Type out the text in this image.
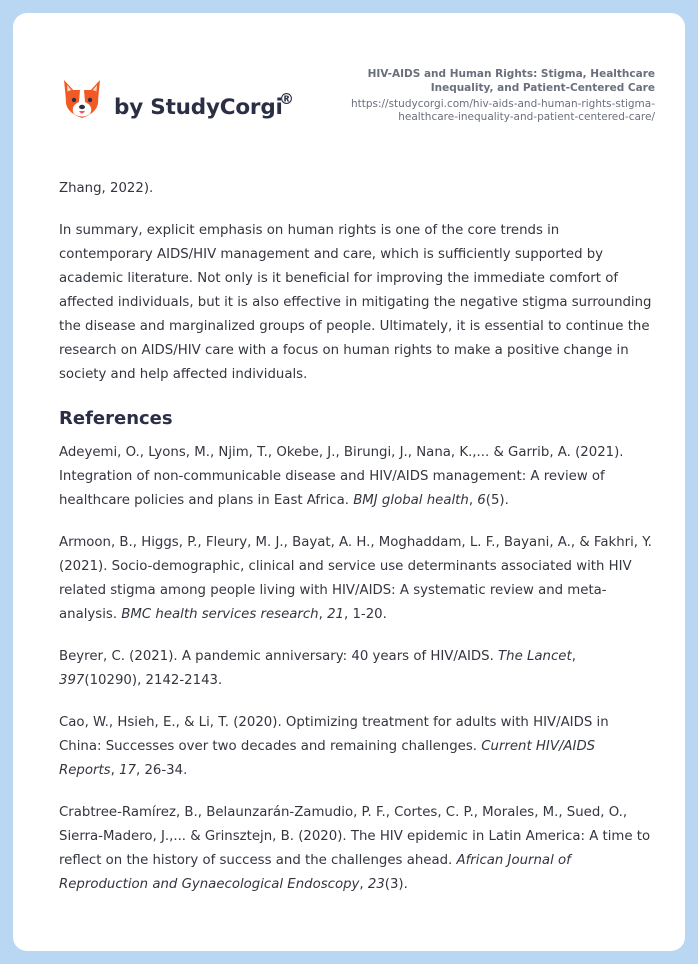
by StudyCorgi
®
HIV-AIDS and Human Rights: Stigma, Healthcare Inequality, and Patient-Centered Care
https://studycorgi.com/hiv-aids-and-human-rights-stigma-healthcare-inequality-and-patient-centered-care/

Zhang, 2022).

In summary, explicit emphasis on human rights is one of the core trends in contemporary AIDS/HIV management and care, which is sufficiently supported by academic literature. Not only is it beneficial for improving the immediate comfort of affected individuals, but it is also effective in mitigating the negative stigma surrounding the disease and marginalized groups of people. Ultimately, it is essential to continue the research on AIDS/HIV care with a focus on human rights to make a positive change in society and help affected individuals.

References

Adeyemi, O., Lyons, M., Njim, T., Okebe, J., Birungi, J., Nana, K.,... & Garrib, A. (2021). Integration of non-communicable disease and HIV/AIDS management: A review of healthcare policies and plans in East Africa. BMJ global health, 6(5).

Armoon, B., Higgs, P., Fleury, M. J., Bayat, A. H., Moghaddam, L. F., Bayani, A., & Fakhri, Y. (2021). Socio-demographic, clinical and service use determinants associated with HIV related stigma among people living with HIV/AIDS: A systematic review and meta-analysis. BMC health services research, 21, 1-20.

Beyrer, C. (2021). A pandemic anniversary: 40 years of HIV/AIDS. The Lancet, 397(10290), 2142-2143.

Cao, W., Hsieh, E., & Li, T. (2020). Optimizing treatment for adults with HIV/AIDS in China: Successes over two decades and remaining challenges. Current HIV/AIDS Reports, 17, 26-34.

Crabtree-Ramírez, B., Belaunzarán-Zamudio, P. F., Cortes, C. P., Morales, M., Sued, O., Sierra-Madero, J.,... & Grinsztejn, B. (2020). The HIV epidemic in Latin America: A time to reflect on the history of success and the challenges ahead. African Journal of Reproduction and Gynaecological Endoscopy, 23(3).
